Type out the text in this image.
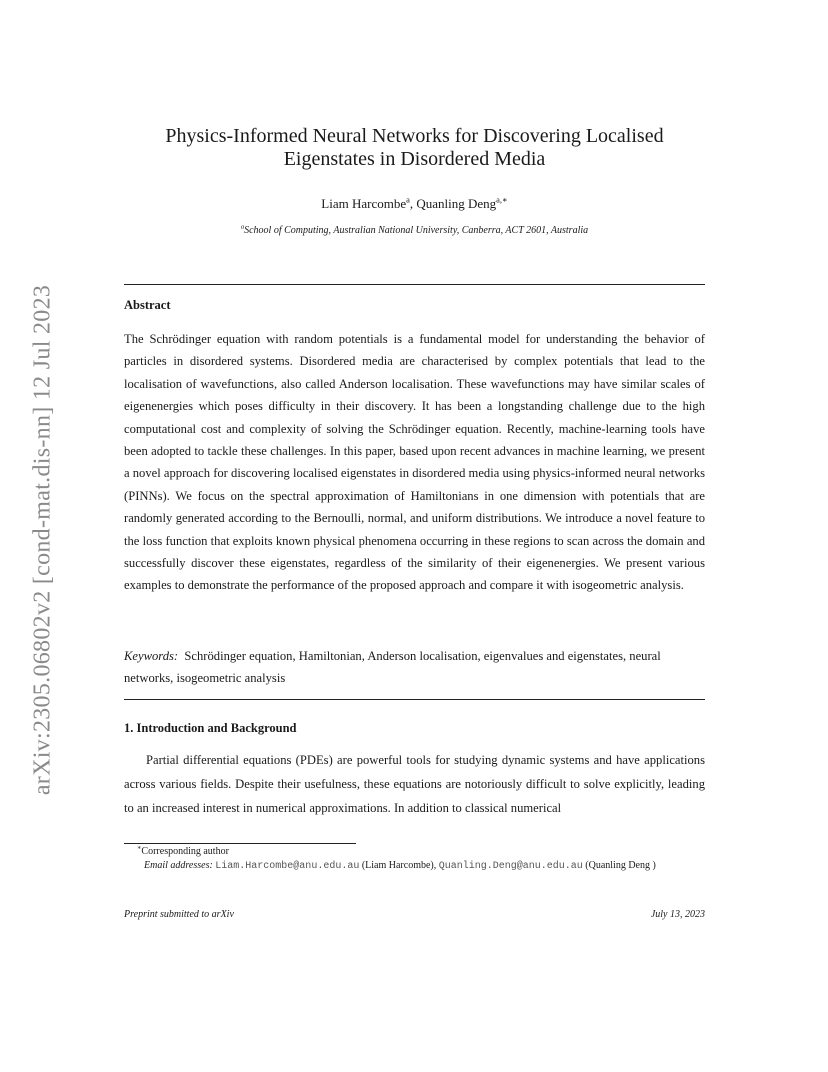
arXiv:2305.06802v2 [cond-mat.dis-nn] 12 Jul 2023
Physics-Informed Neural Networks for Discovering Localised Eigenstates in Disordered Media
Liam Harcombe$^a$, Quanling Deng$^{a,∗}$
$^a$School of Computing, Australian National University, Canberra, ACT 2601, Australia
Abstract

The Schrödinger equation with random potentials is a fundamental model for understanding the behavior of particles in disordered systems. Disordered media are characterised by complex potentials that lead to the localisation of wavefunctions, also called Anderson localisation. These wavefunctions may have similar scales of eigenenergies which poses difficulty in their discovery. It has been a longstanding challenge due to the high computational cost and complexity of solving the Schrödinger equation. Recently, machine-learning tools have been adopted to tackle these challenges. In this paper, based upon recent advances in machine learning, we present a novel approach for discovering localised eigenstates in disordered media using physics-informed neural networks (PINNs). We focus on the spectral approximation of Hamiltonians in one dimension with potentials that are randomly generated according to the Bernoulli, normal, and uniform distributions. We introduce a novel feature to the loss function that exploits known physical phenomena occurring in these regions to scan across the domain and successfully discover these eigenstates, regardless of the similarity of their eigenenergies. We present various examples to demonstrate the performance of the proposed approach and compare it with isogeometric analysis.

Keywords: Schrödinger equation, Hamiltonian, Anderson localisation, eigenvalues and eigenstates, neural networks, isogeometric analysis

1. Introduction and Background

Partial differential equations (PDEs) are powerful tools for studying dynamic systems and have applications across various fields. Despite their usefulness, these equations are notoriously difficult to solve explicitly, leading to an increased interest in numerical approximations. In addition to classical numerical

∗Corresponding author
Email addresses: Liam.Harcombe@anu.edu.au (Liam Harcombe), Quanling.Deng@anu.edu.au (Quanling Deng )
Preprint submitted to arXiv	July 13, 2023
